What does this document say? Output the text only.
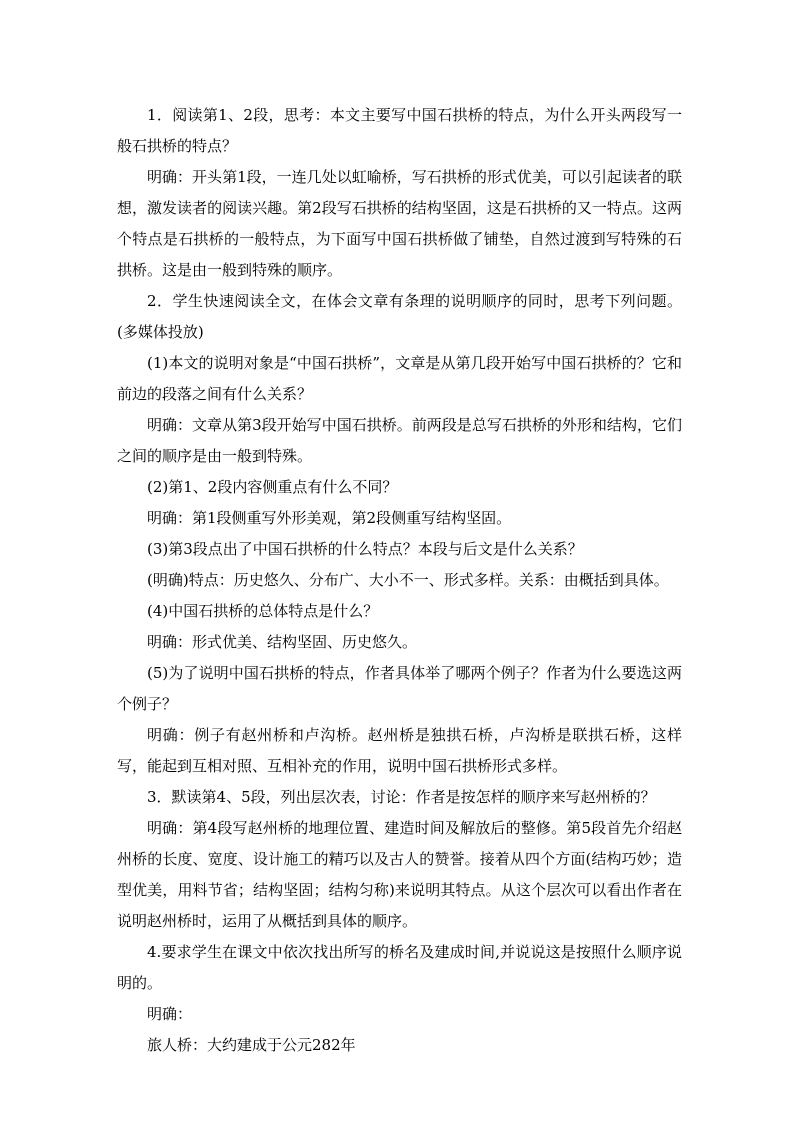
1．阅读第1、2段，思考：本文主要写中国石拱桥的特点，为什么开头两段写一般石拱桥的特点？

明确：开头第1段，一连几处以虹喻桥，写石拱桥的形式优美，可以引起读者的联想，激发读者的阅读兴趣。第2段写石拱桥的结构坚固，这是石拱桥的又一特点。这两个特点是石拱桥的一般特点，为下面写中国石拱桥做了铺垫，自然过渡到写特殊的石拱桥。这是由一般到特殊的顺序。

2．学生快速阅读全文，在体会文章有条理的说明顺序的同时，思考下列问题。(多媒体投放)

(1)本文的说明对象是“中国石拱桥”，文章是从第几段开始写中国石拱桥的？它和前边的段落之间有什么关系？

明确：文章从第3段开始写中国石拱桥。前两段是总写石拱桥的外形和结构，它们之间的顺序是由一般到特殊。

(2)第1、2段内容侧重点有什么不同？

明确：第1段侧重写外形美观，第2段侧重写结构坚固。

(3)第3段点出了中国石拱桥的什么特点？本段与后文是什么关系？

(明确)特点：历史悠久、分布广、大小不一、形式多样。关系：由概括到具体。

(4)中国石拱桥的总体特点是什么？

明确：形式优美、结构坚固、历史悠久。

(5)为了说明中国石拱桥的特点，作者具体举了哪两个例子？作者为什么要选这两个例子？

明确：例子有赵州桥和卢沟桥。赵州桥是独拱石桥，卢沟桥是联拱石桥，这样写，能起到互相对照、互相补充的作用，说明中国石拱桥形式多样。

3．默读第4、5段，列出层次表，讨论：作者是按怎样的顺序来写赵州桥的？

明确：第4段写赵州桥的地理位置、建造时间及解放后的整修。第5段首先介绍赵州桥的长度、宽度、设计施工的精巧以及古人的赞誉。接着从四个方面(结构巧妙；造型优美，用料节省；结构坚固；结构匀称)来说明其特点。从这个层次可以看出作者在说明赵州桥时，运用了从概括到具体的顺序。

4.要求学生在课文中依次找出所写的桥名及建成时间,并说说这是按照什么顺序说明的。

明确：

旅人桥：大约建成于公元282年
